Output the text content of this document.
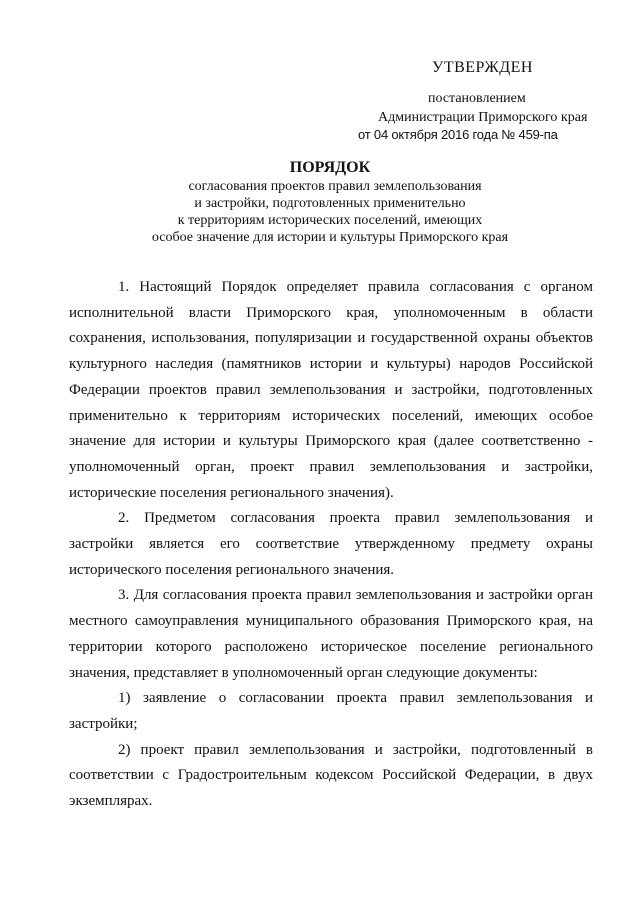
УТВЕРЖДЕН
постановлением
Администрации Приморского края
от 04 октября 2016 года № 459-па
ПОРЯДОК
согласования проектов правил землепользования
и застройки, подготовленных применительно
к территориям исторических поселений, имеющих
особое значение для истории и культуры Приморского края

1. Настоящий Порядок определяет правила согласования с органом исполнительной власти Приморского края, уполномоченным в области сохранения, использования, популяризации и государственной охраны объектов культурного наследия (памятников истории и культуры) народов Российской Федерации проектов правил землепользования и застройки, подготовленных применительно к территориям исторических поселений, имеющих особое значение для истории и культуры Приморского края (далее соответственно - уполномоченный орган, проект правил землепользования и застройки, исторические поселения регионального значения).

2. Предметом согласования проекта правил землепользования и застройки является его соответствие утвержденному предмету охраны исторического поселения регионального значения.

3. Для согласования проекта правил землепользования и застройки орган местного самоуправления муниципального образования Приморского края, на территории которого расположено историческое поселение регионального значения, представляет в уполномоченный орган следующие документы:

1) заявление о согласовании проекта правил землепользования и застройки;

2) проект правил землепользования и застройки, подготовленный в соответствии с Градостроительным кодексом Российской Федерации, в двух экземплярах.
